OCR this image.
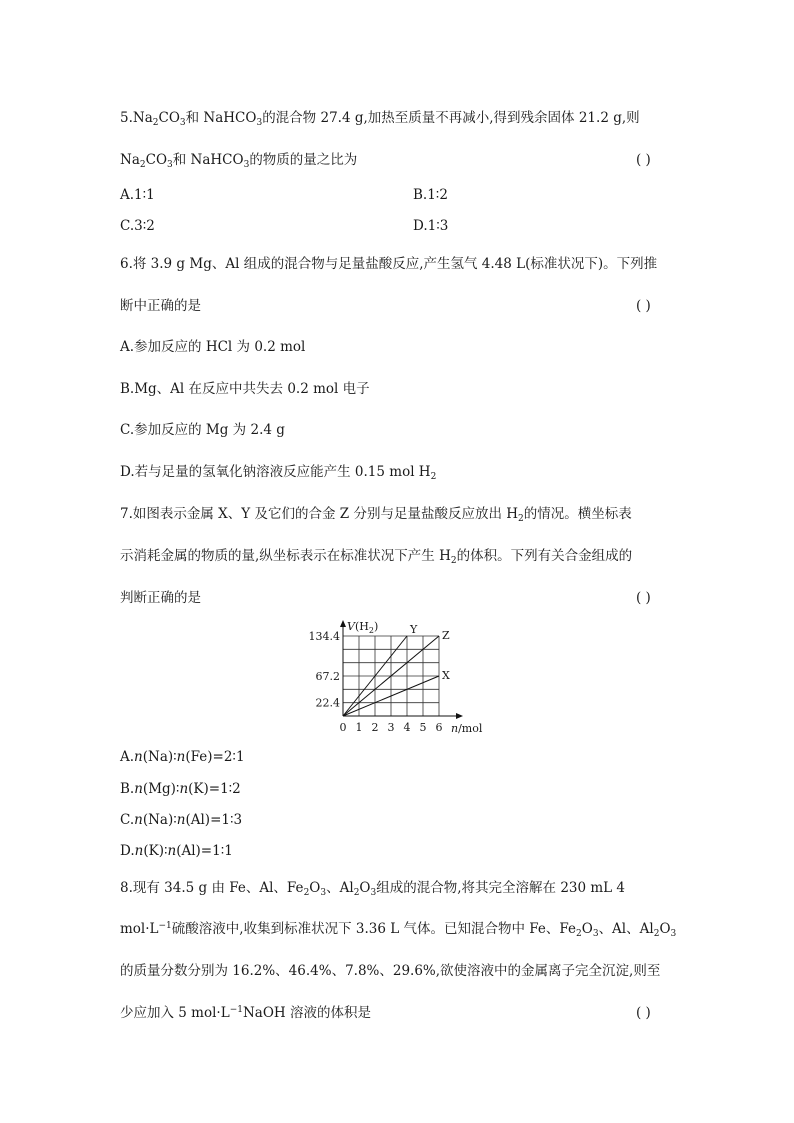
$5.Na_2CO_3$和 NaHCO$_3$的混合物 27.4 g,加热至质量不再减小,得到残余固体 21.2 g,则
$Na_2CO_3$和 NaHCO$_3$的物质的量之比为	( )
A.1∶1	B.1∶2
C.3∶2	D.1∶3
6.将 3.9 g Mg、Al 组成的混合物与足量盐酸反应,产生氢气 4.48 L(标准状况下)。下列推
断中正确的是	( )
A.参加反应的 HCl 为 0.2 mol
B.Mg、Al 在反应中共失去 0.2 mol 电子
C.参加反应的 Mg 为 2.4 g
D.若与足量的氢氧化钠溶液反应能产生 0.15 mol $H_2$
7.如图表示金属 X、Y 及它们的合金 Z 分别与足量盐酸反应放出 $H_2$的情况。横坐标表
示消耗金属的物质的量,纵坐标表示在标准状况下产生 $H_2$的体积。下列有关合金组成的
判断正确的是	( )
Y Z
X
0 1 2 3 4 5 6
22.4
67.2
134.4
n/mol
$V(H_2)$
A.n(Na)∶n(Fe)=2∶1
B.n(Mg)∶n(K)=1∶2
C.n(Na)∶n(Al)=1∶3
D.n(K)∶n(Al)=1∶1
8.现有 34.5 g 由 Fe、Al、$Fe_2O_3$、$Al_2O_3$组成的混合物,将其完全溶解在 230 mL 4
$mol\cdot L^{-1}$硫酸溶液中,收集到标准状况下 3.36 L 气体。已知混合物中 Fe、$Fe_2O_3$、Al、$Al_2O_3$
的质量分数分别为 16.2%、46.4%、7.8%、29.6%,欲使溶液中的金属离子完全沉淀,则至
少应加入 5 $mol\cdot L^{-1}NaOH$ 溶液的体积是	( )
